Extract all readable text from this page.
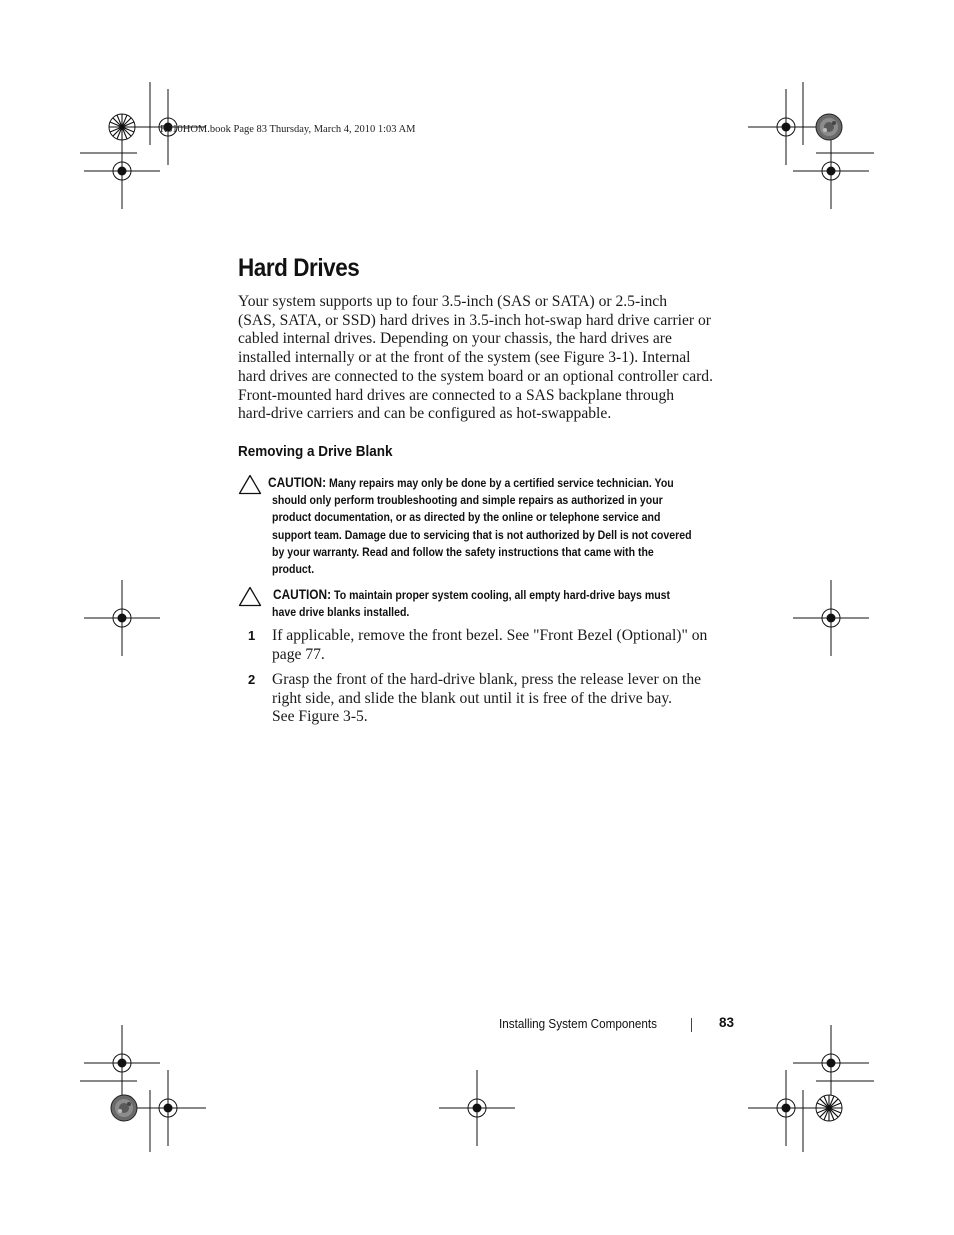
R310HOM.book Page 83 Thursday, March 4, 2010 1:03 AM
Hard Drives
Your system supports up to four 3.5-inch (SAS or SATA) or 2.5-inch
(SAS, SATA, or SSD) hard drives in 3.5-inch hot-swap hard drive carrier or
cabled internal drives. Depending on your chassis, the hard drives are
installed internally or at the front of the system (see Figure 3-1). Internal
hard drives are connected to the system board or an optional controller card.
Front-mounted hard drives are connected to a SAS backplane through
hard-drive carriers and can be configured as hot-swappable.
Removing a Drive Blank
CAUTION: Many repairs may only be done by a certified service technician. You
should only perform troubleshooting and simple repairs as authorized in your
product documentation, or as directed by the online or telephone service and
support team. Damage due to servicing that is not authorized by Dell is not covered
by your warranty. Read and follow the safety instructions that came with the
product.
CAUTION: To maintain proper system cooling, all empty hard-drive bays must
have drive blanks installed.
1 If applicable, remove the front bezel. See "Front Bezel (Optional)" on
page 77.
2 Grasp the front of the hard-drive blank, press the release lever on the
right side, and slide the blank out until it is free of the drive bay.
See Figure 3-5.
Installing System Components	83
